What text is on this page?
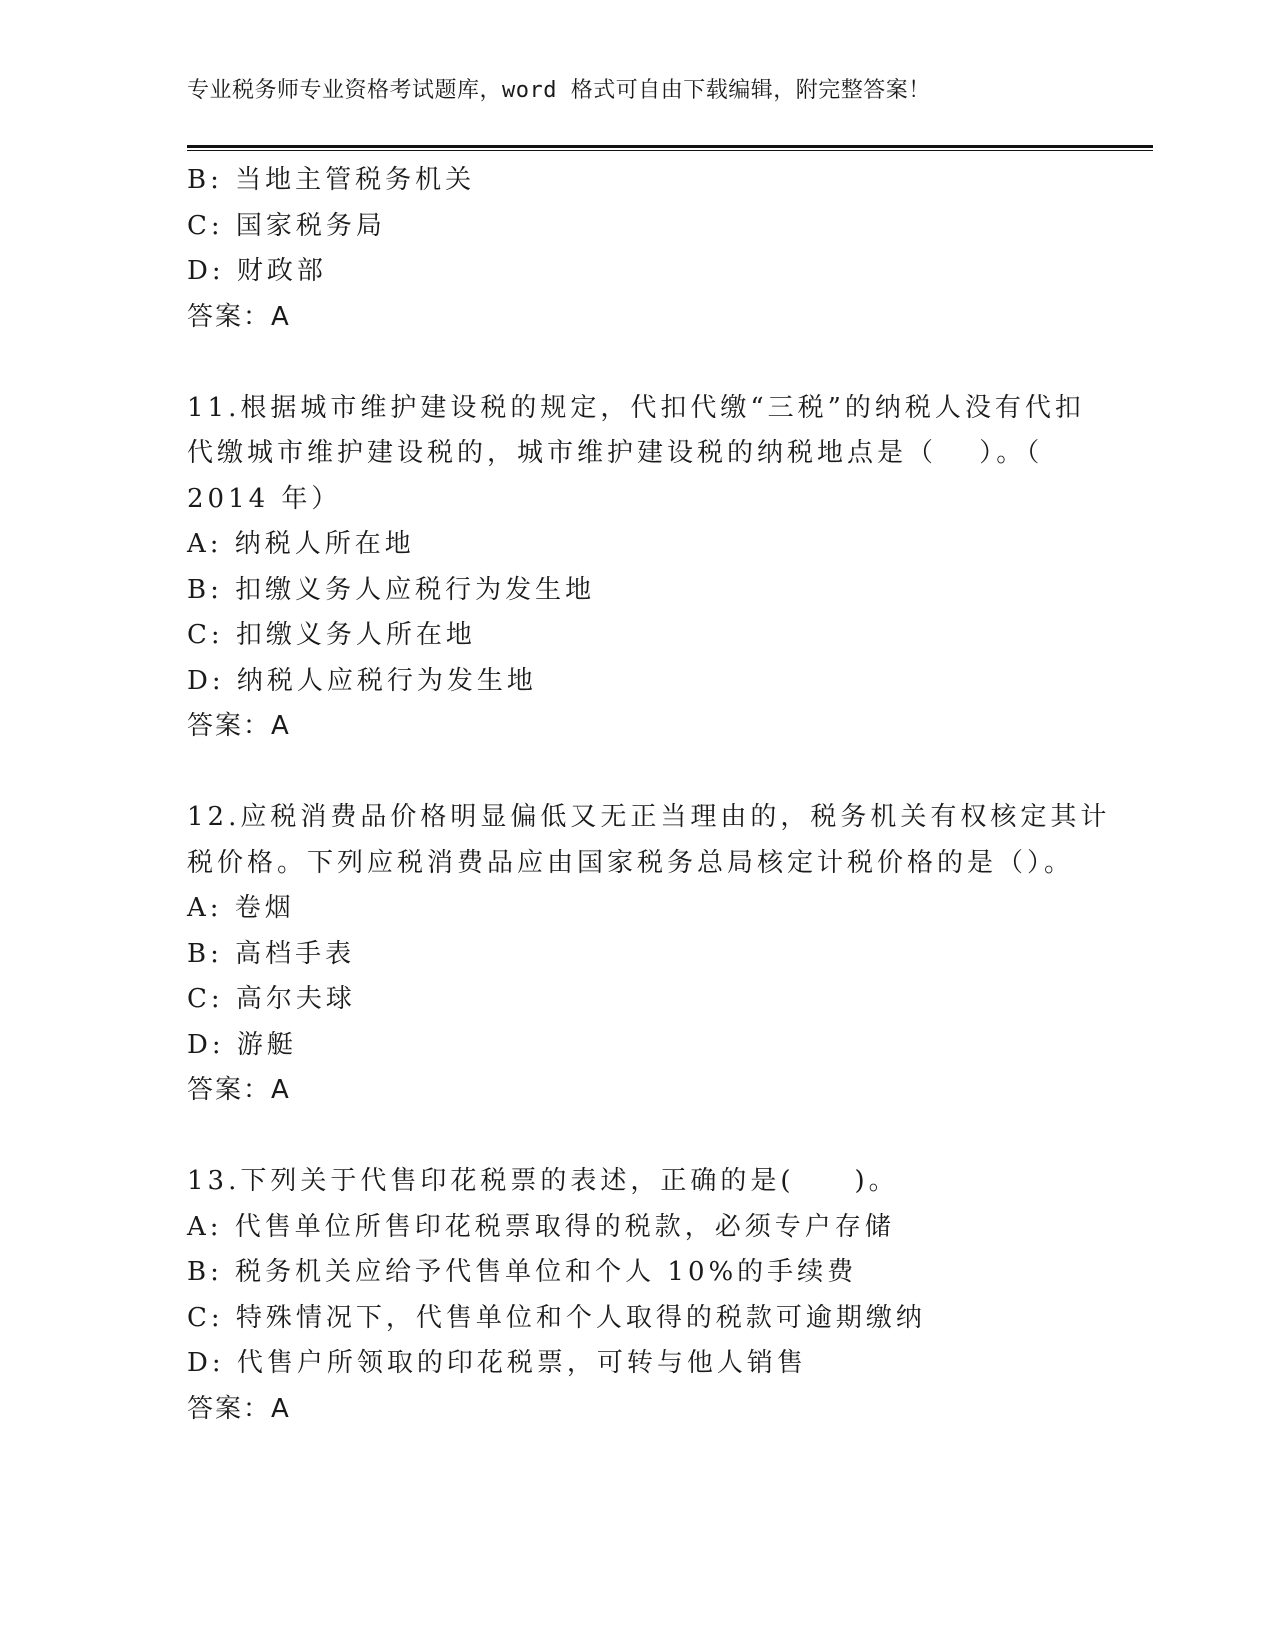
专业税务师专业资格考试题库，word 格式可自由下载编辑，附完整答案！
B: 当地主管税务机关
C: 国家税务局
D: 财政部
答案：A
11.根据城市维护建设税的规定，代扣代缴“三税”的纳税人没有代扣
代缴城市维护建设税的，城市维护建设税的纳税地点是（　 ）。（
2014 年）
A: 纳税人所在地
B: 扣缴义务人应税行为发生地
C: 扣缴义务人所在地
D: 纳税人应税行为发生地
答案：A
12.应税消费品价格明显偏低又无正当理由的，税务机关有权核定其计
税价格。下列应税消费品应由国家税务总局核定计税价格的是（）。
A: 卷烟
B: 高档手表
C: 高尔夫球
D: 游艇
答案：A
13.下列关于代售印花税票的表述，正确的是(　　)。
A: 代售单位所售印花税票取得的税款，必须专户存储
B: 税务机关应给予代售单位和个人 10%的手续费
C: 特殊情况下，代售单位和个人取得的税款可逾期缴纳
D: 代售户所领取的印花税票，可转与他人销售
答案：A
